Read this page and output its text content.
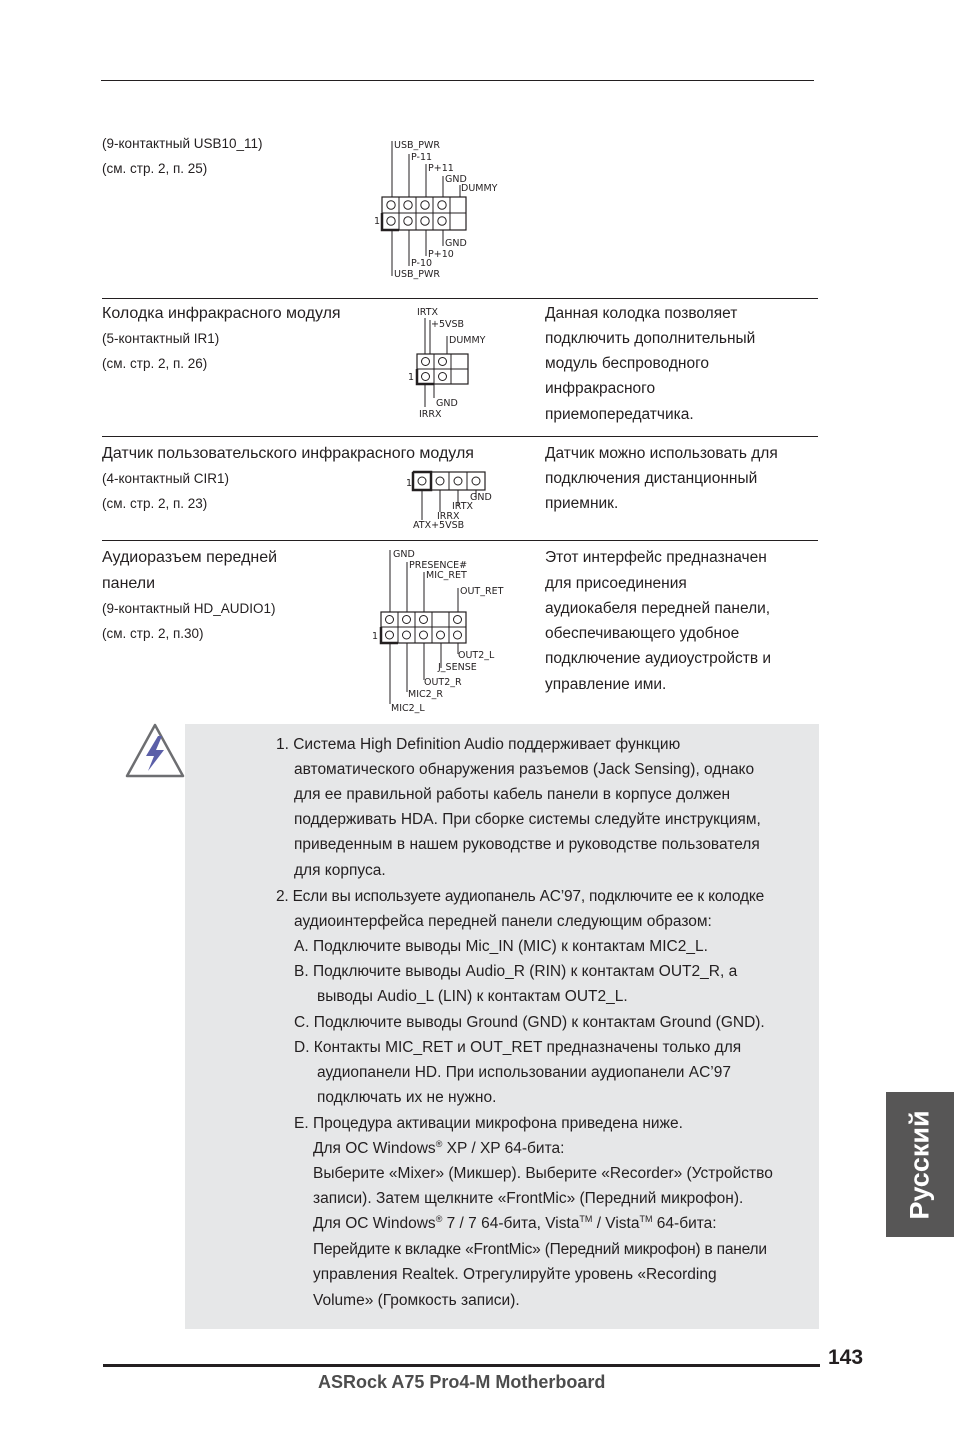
(9-контактный USB10_11)
(см. стр. 2, п. 25)
USB_PWR
P-11
P+11
GND
DUMMY
1
GND
P+10
P-10
USB_PWR
Колодка инфракрасного модуля
(5-контактный IR1)
(см. стр. 2, п. 26)
Данная колодка позволяет
подключить дополнительный
модуль беспроводного
инфракрасного
приемопередатчика.
IRTX
+5VSB
DUMMY
1
GND
IRRX
Датчик пользовательского инфракрасного модуля
(4-контактный CIR1)
(см. стр. 2, п. 23)
Датчик можно использовать для
подключения дистанционный
приемник.
1
GND
IRTX
IRRX
ATX+5VSB
Аудиоразъем передней
панели
(9-контактный HD_AUDIO1)
(см. стр. 2, п.30)
Этот интерфейс предназначен
для присоединения
аудиокабеля передней панели,
обеспечивающего удобное
подключение аудиоустройств и
управление ими.
GND
PRESENCE#
MIC_RET
OUT_RET
1
OUT2_L
J_SENSE
OUT2_R
MIC2_R
MIC2_L
1. Система High Definition Audio поддерживает функцию
автоматического обнаружения разъемов (Jack Sensing), однако
для ее правильной работы кабель панели в корпусе должен
поддерживать HDA. При сборке системы следуйте инструкциям,
приведенным в нашем руководстве и руководстве пользователя
для корпуса.
2. Если вы используете аудиопанель AC’97, подключите ее к колодке
аудиоинтерфейса передней панели следующим образом:
A. Подключите выводы Mic_IN (MIC) к контактам MIC2_L.
B. Подключите выводы Audio_R (RIN) к контактам OUT2_R, а
выводы Audio_L (LIN) к контактам OUT2_L.
C. Подключите выводы Ground (GND) к контактам Ground (GND).
D. Контакты MIC_RET и OUT_RET предназначены только для
аудиопанели HD. При использовании аудиопанели AC’97
подключать их не нужно.
E. Процедура активации микрофона приведена ниже.
Для ОС Windows® XP / XP 64-бита:
Выберите «Mixer» (Микшер). Выберите «Recorder» (Устройство
записи). Затем щелкните «FrontMic» (Передний микрофон).
Для ОС Windows® 7 / 7 64-бита, Vista™ / Vista™ 64-бита:
Перейдите к вкладке «FrontMic» (Передний микрофон) в панели
управления Realtek. Отрегулируйте уровень «Recording
Volume» (Громкость записи).
Русский
143
ASRock A75 Pro4-M Motherboard
